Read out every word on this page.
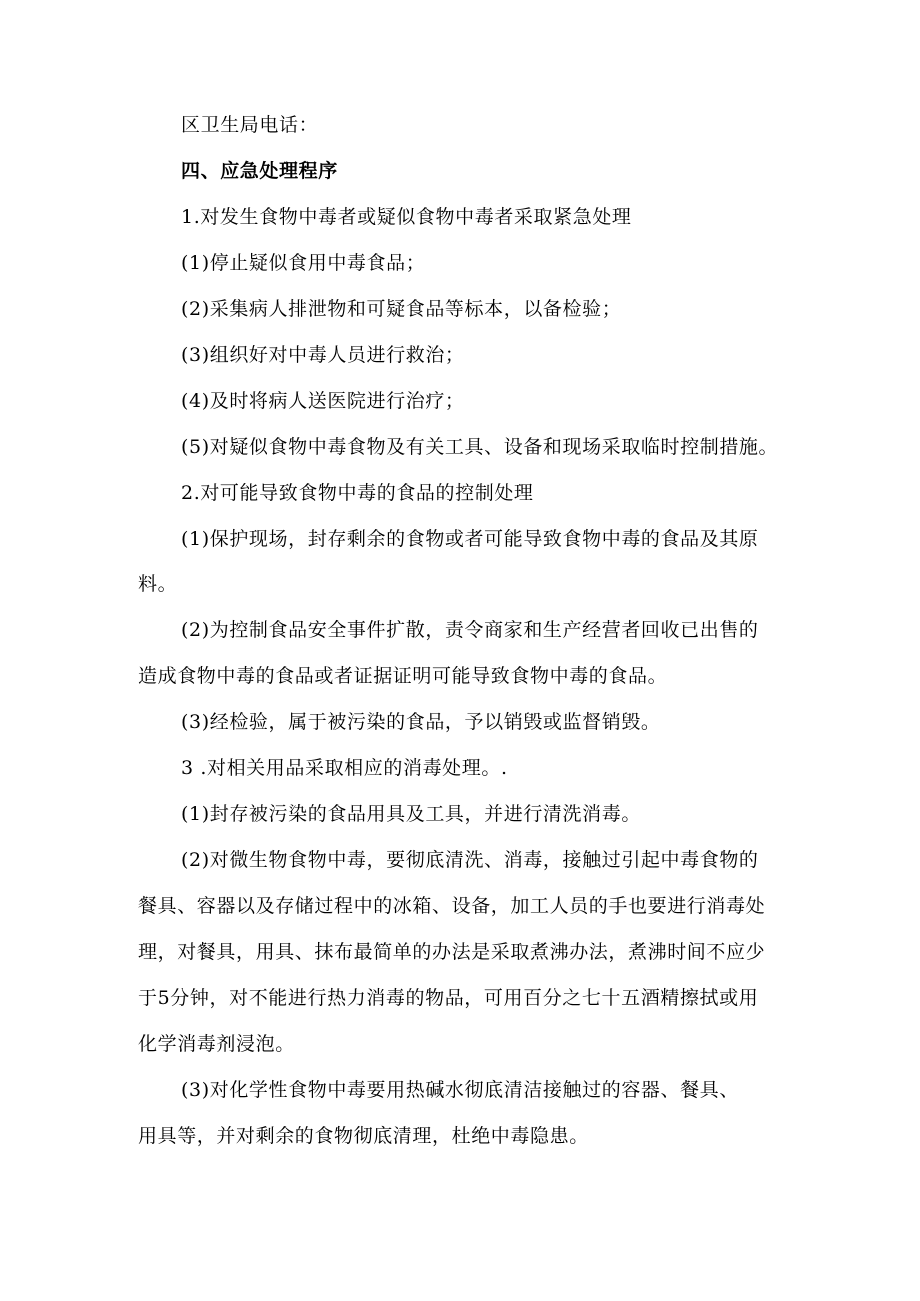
区卫生局电话：
四、应急处理程序
1.对发生食物中毒者或疑似食物中毒者采取紧急处理
(1)停止疑似食用中毒食品；
(2)采集病人排泄物和可疑食品等标本，以备检验；
(3)组织好对中毒人员进行救治；
(4)及时将病人送医院进行治疗；
(5)对疑似食物中毒食物及有关工具、设备和现场采取临时控制措施。
2.对可能导致食物中毒的食品的控制处理
(1)保护现场，封存剩余的食物或者可能导致食物中毒的食品及其原
料。
(2)为控制食品安全事件扩散，责令商家和生产经营者回收已出售的
造成食物中毒的食品或者证据证明可能导致食物中毒的食品。
(3)经检验，属于被污染的食品，予以销毁或监督销毁。
3 .对相关用品采取相应的消毒处理。.
(1)封存被污染的食品用具及工具，并进行清洗消毒。
(2)对微生物食物中毒，要彻底清洗、消毒，接触过引起中毒食物的
餐具、容器以及存储过程中的冰箱、设备，加工人员的手也要进行消毒处
理，对餐具，用具、抹布最简单的办法是采取煮沸办法，煮沸时间不应少
于5分钟，对不能进行热力消毒的物品，可用百分之七十五酒精擦拭或用
化学消毒剂浸泡。
(3)对化学性食物中毒要用热碱水彻底清洁接触过的容器、餐具、
用具等，并对剩余的食物彻底清理，杜绝中毒隐患。
